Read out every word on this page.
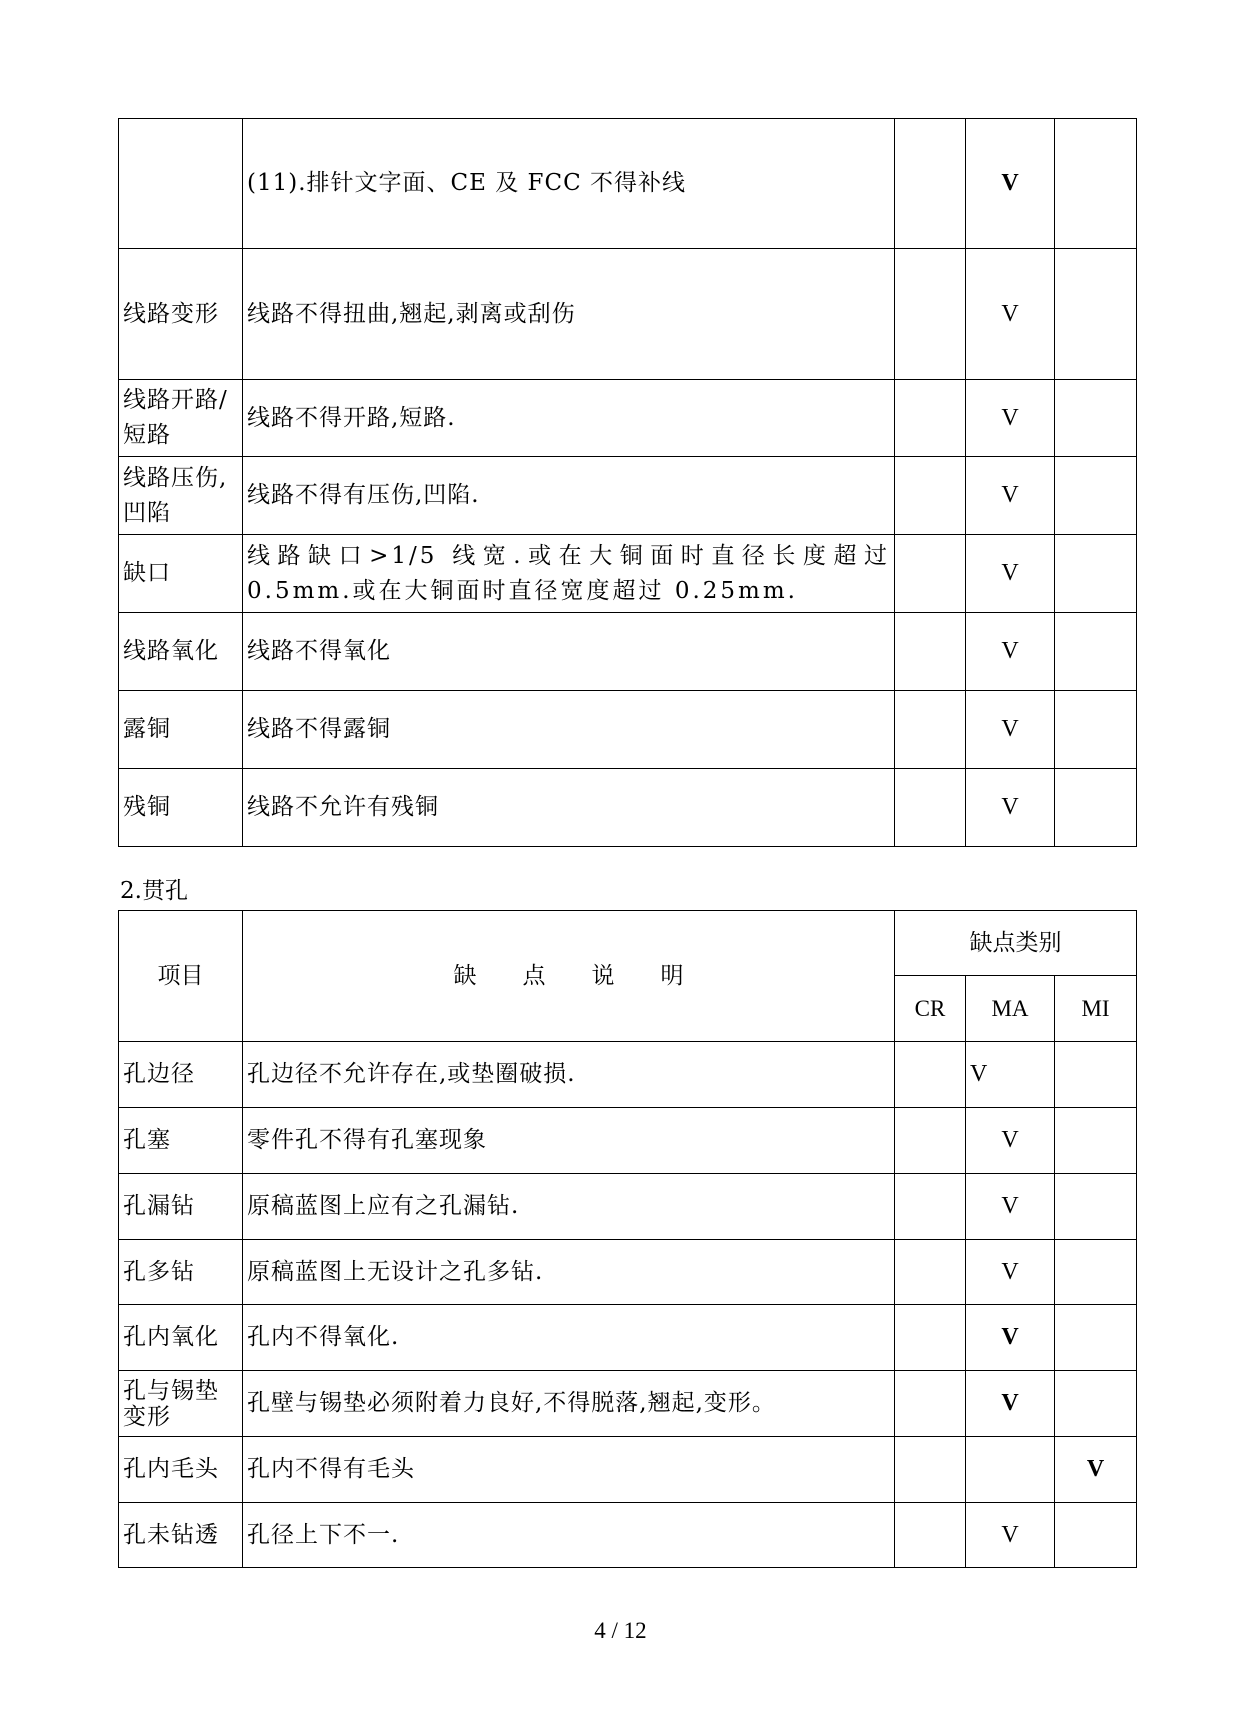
	(11).排针文字面、CE 及 FCC 不得补线		V	
线路变形	线路不得扭曲,翘起,剥离或刮伤		V	
线路开路/短路	线路不得开路,短路.		V	
线路压伤,凹陷	线路不得有压伤,凹陷.		V	
缺口	线路缺口>1/5 线宽.或在大铜面时直径长度超过 0.5mm.或在大铜面时直径宽度超过 0.25mm.		V	
线路氧化	线路不得氧化		V	
露铜	线路不得露铜		V	
残铜	线路不允许有残铜		V	
2.贯孔
项目	缺　　点　　说　　明	缺点类别		
		CR	MA	MI
孔边径	孔边径不允许存在,或垫圈破损.		V	
孔塞	零件孔不得有孔塞现象		V	
孔漏钻	原稿蓝图上应有之孔漏钻.		V	
孔多钻	原稿蓝图上无设计之孔多钻.		V	
孔内氧化	孔内不得氧化.		V	
孔与锡垫变形	孔壁与锡垫必须附着力良好,不得脱落,翘起,变形。		V	
孔内毛头	孔内不得有毛头			V
孔未钻透	孔径上下不一.		V	
4 / 12
